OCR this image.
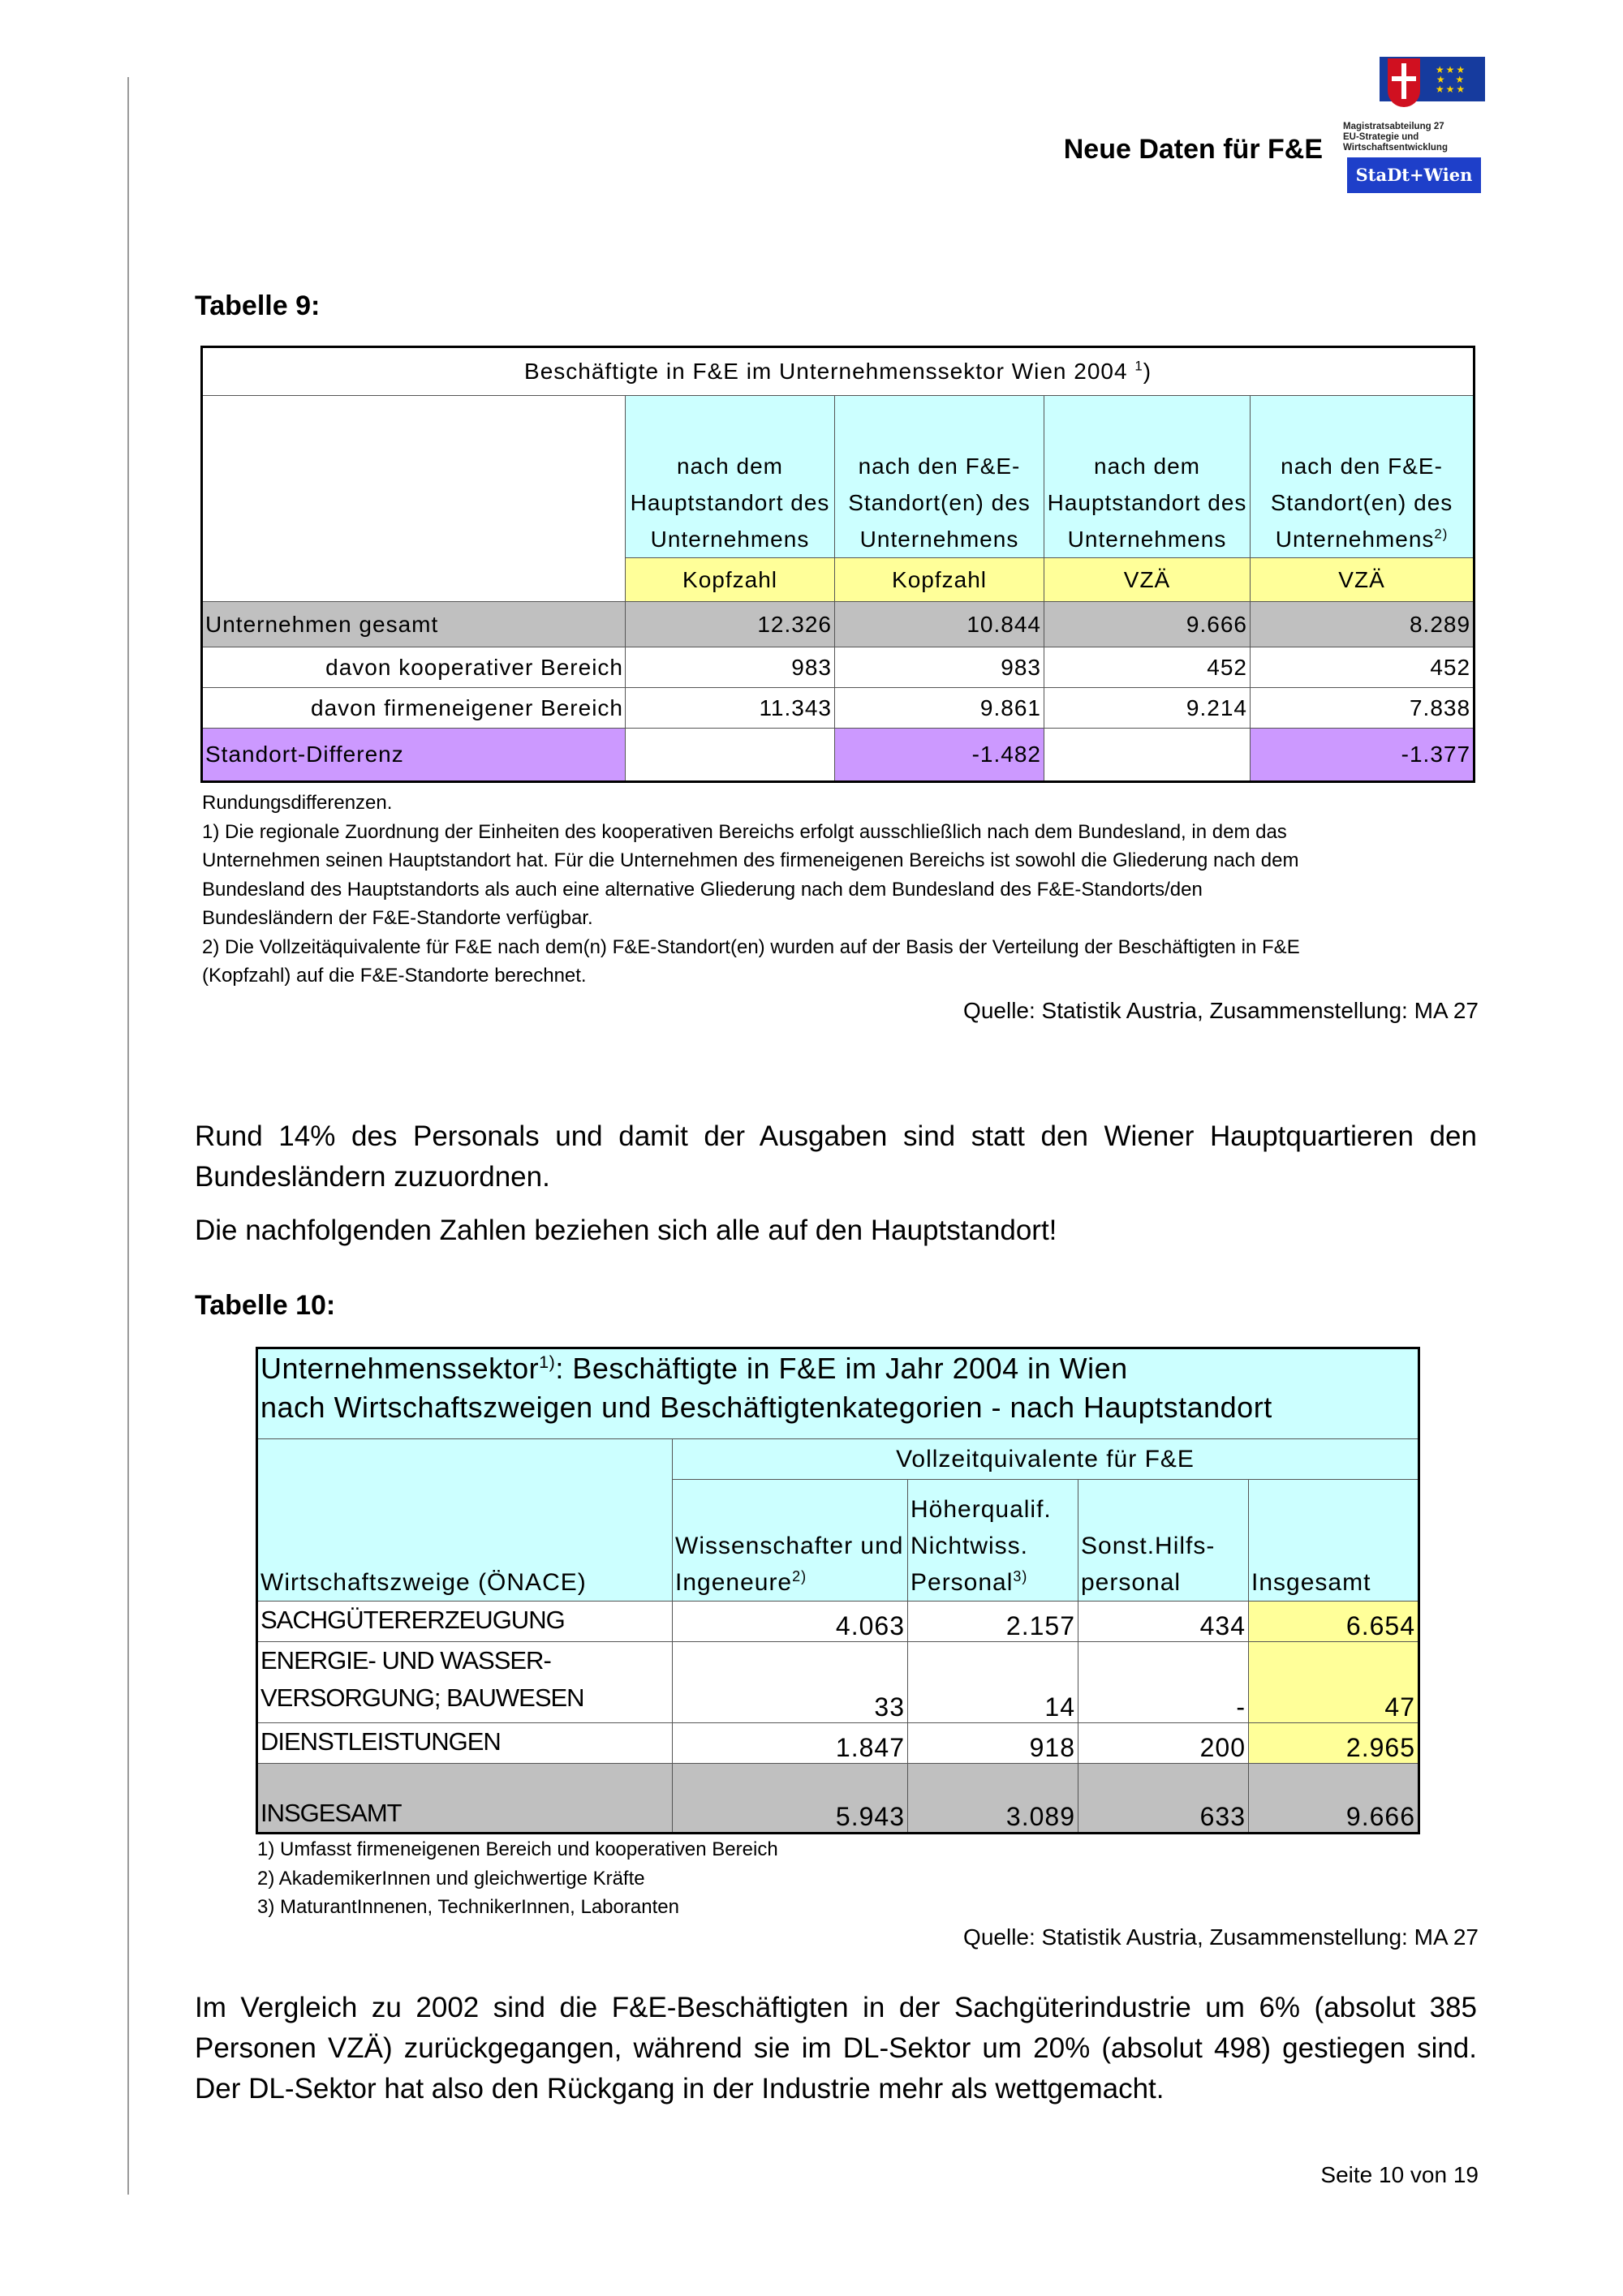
Neue Daten für F&E
★★★
★  ★
★★★
Magistratsabteilung 27
EU-Strategie und
Wirtschaftsentwicklung
StaDt+Wien
Tabelle 9:
Beschäftigte in F&E im Unternehmenssektor Wien 2004 $^1$)				
	nach dem Hauptstandort des Unternehmens	nach den F&E-Standort(en) des Unternehmens	nach dem Hauptstandort des Unternehmens	nach den F&E-Standort(en) des Unternehmens$^{2)}$
	Kopfzahl	Kopfzahl	VZÄ	VZÄ
Unternehmen gesamt	12.326	10.844	9.666	8.289
davon kooperativer Bereich	983	983	452	452
davon firmeneigener Bereich	11.343	9.861	9.214	7.838
Standort-Differenz		-1.482		-1.377
Rundungsdifferenzen.
1) Die regionale Zuordnung der Einheiten des kooperativen Bereichs erfolgt ausschließlich nach dem Bundesland, in dem das
Unternehmen seinen Hauptstandort hat. Für die Unternehmen des firmeneigenen Bereichs ist sowohl die Gliederung nach dem
Bundesland des Hauptstandorts als auch eine alternative Gliederung nach dem Bundesland des F&E-Standorts/den
Bundesländern der F&E-Standorte verfügbar.
2) Die Vollzeitäquivalente für F&E nach dem(n) F&E-Standort(en) wurden auf der Basis der Verteilung der Beschäftigten in F&E
(Kopfzahl) auf die F&E-Standorte berechnet.
Quelle: Statistik Austria, Zusammenstellung: MA 27
Rund 14% des Personals und damit der Ausgaben sind statt den Wiener Hauptquartieren den Bundesländern zuzuordnen.
Die nachfolgenden Zahlen beziehen sich alle auf den Hauptstandort!
Tabelle 10:
Unternehmenssektor$^{1)}$: Beschäftigte in F&E im Jahr 2004 in Wien
nach Wirtschaftszweigen und Beschäftigtenkategorien - nach Hauptstandort				
Wirtschaftszweige (ÖNACE)	Vollzeitquivalente für F&E			
	Wissenschafter und Ingeneure$^{2)}$	Höherqualif. Nichtwiss. Personal$^{3)}$	Sonst.Hilfs-personal	Insgesamt
SACHGÜTERERZEUGUNG	4.063	2.157	434	6.654
ENERGIE- UND WASSER-VERSORGUNG; BAUWESEN	33	14	-	47
DIENSTLEISTUNGEN	1.847	918	200	2.965
INSGESAMT	5.943	3.089	633	9.666
1) Umfasst firmeneigenen Bereich und kooperativen Bereich
2) AkademikerInnen und gleichwertige Kräfte
3) MaturantInnenen, TechnikerInnen, Laboranten
Quelle: Statistik Austria, Zusammenstellung: MA 27
Im Vergleich zu 2002 sind die F&E-Beschäftigten in der Sachgüterindustrie um 6% (absolut 385 Personen VZÄ) zurückgegangen, während sie im DL-Sektor um 20% (absolut 498) gestiegen sind. Der DL-Sektor hat also den Rückgang in der Industrie mehr als wettgemacht.
Seite 10 von 19
